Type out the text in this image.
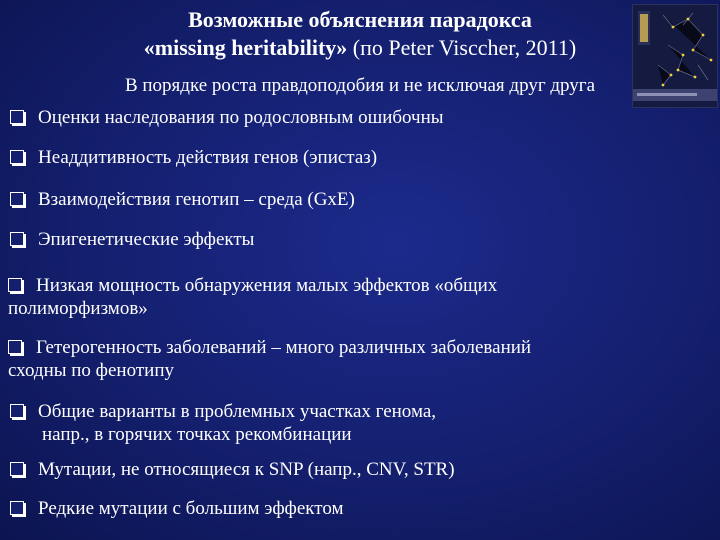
Возможные объяснения парадокса
«missing heritability» (по Peter Viscсher, 2011)
В порядке роста правдоподобия и не исключая друг друга
Оценки наследования по родословным ошибочны
Неаддитивность действия генов (эпистаз)
Взаимодействия генотип – среда (GxE)
Эпигенетические эффекты
Низкая мощность обнаружения малых эффектов «общих
полиморфизмов»
Гетерогенность заболеваний – много различных заболеваний
сходны по фенотипу
Общие варианты в проблемных участках генома,
напр., в горячих точках рекомбинации
Мутации, не относящиеся к SNP (напр., CNV, STR)
Редкие мутации с большим эффектом
